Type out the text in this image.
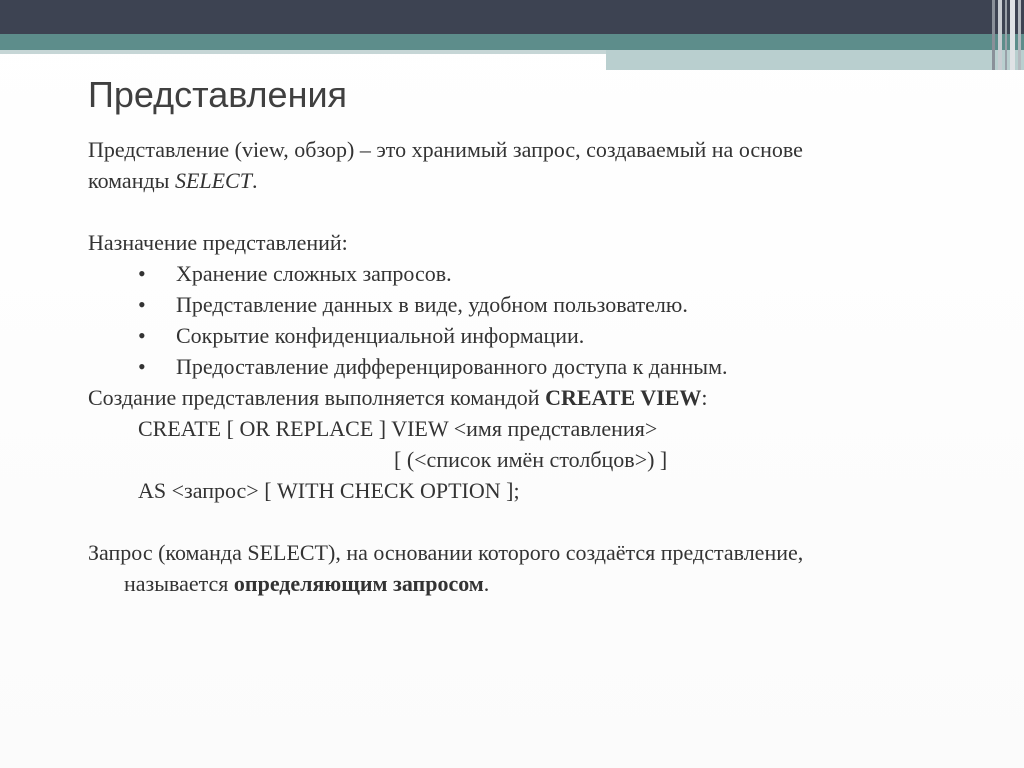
Представления
Представление (view, обзор) – это хранимый запрос, создаваемый на основе
команды SELECT.
Назначение представлений:
• Хранение сложных запросов.
• Представление данных в виде, удобном пользователю.
• Сокрытие конфиденциальной информации.
• Предоставление дифференцированного доступа к данным.
Создание представления выполняется командой CREATE VIEW:
CREATE [ OR REPLACE ] VIEW <имя представления>
[ (<список имён столбцов>) ]
AS <запрос> [ WITH CHECK OPTION ];
Запрос (команда SELECT), на основании которого создаётся представление,
называется определяющим запросом.
